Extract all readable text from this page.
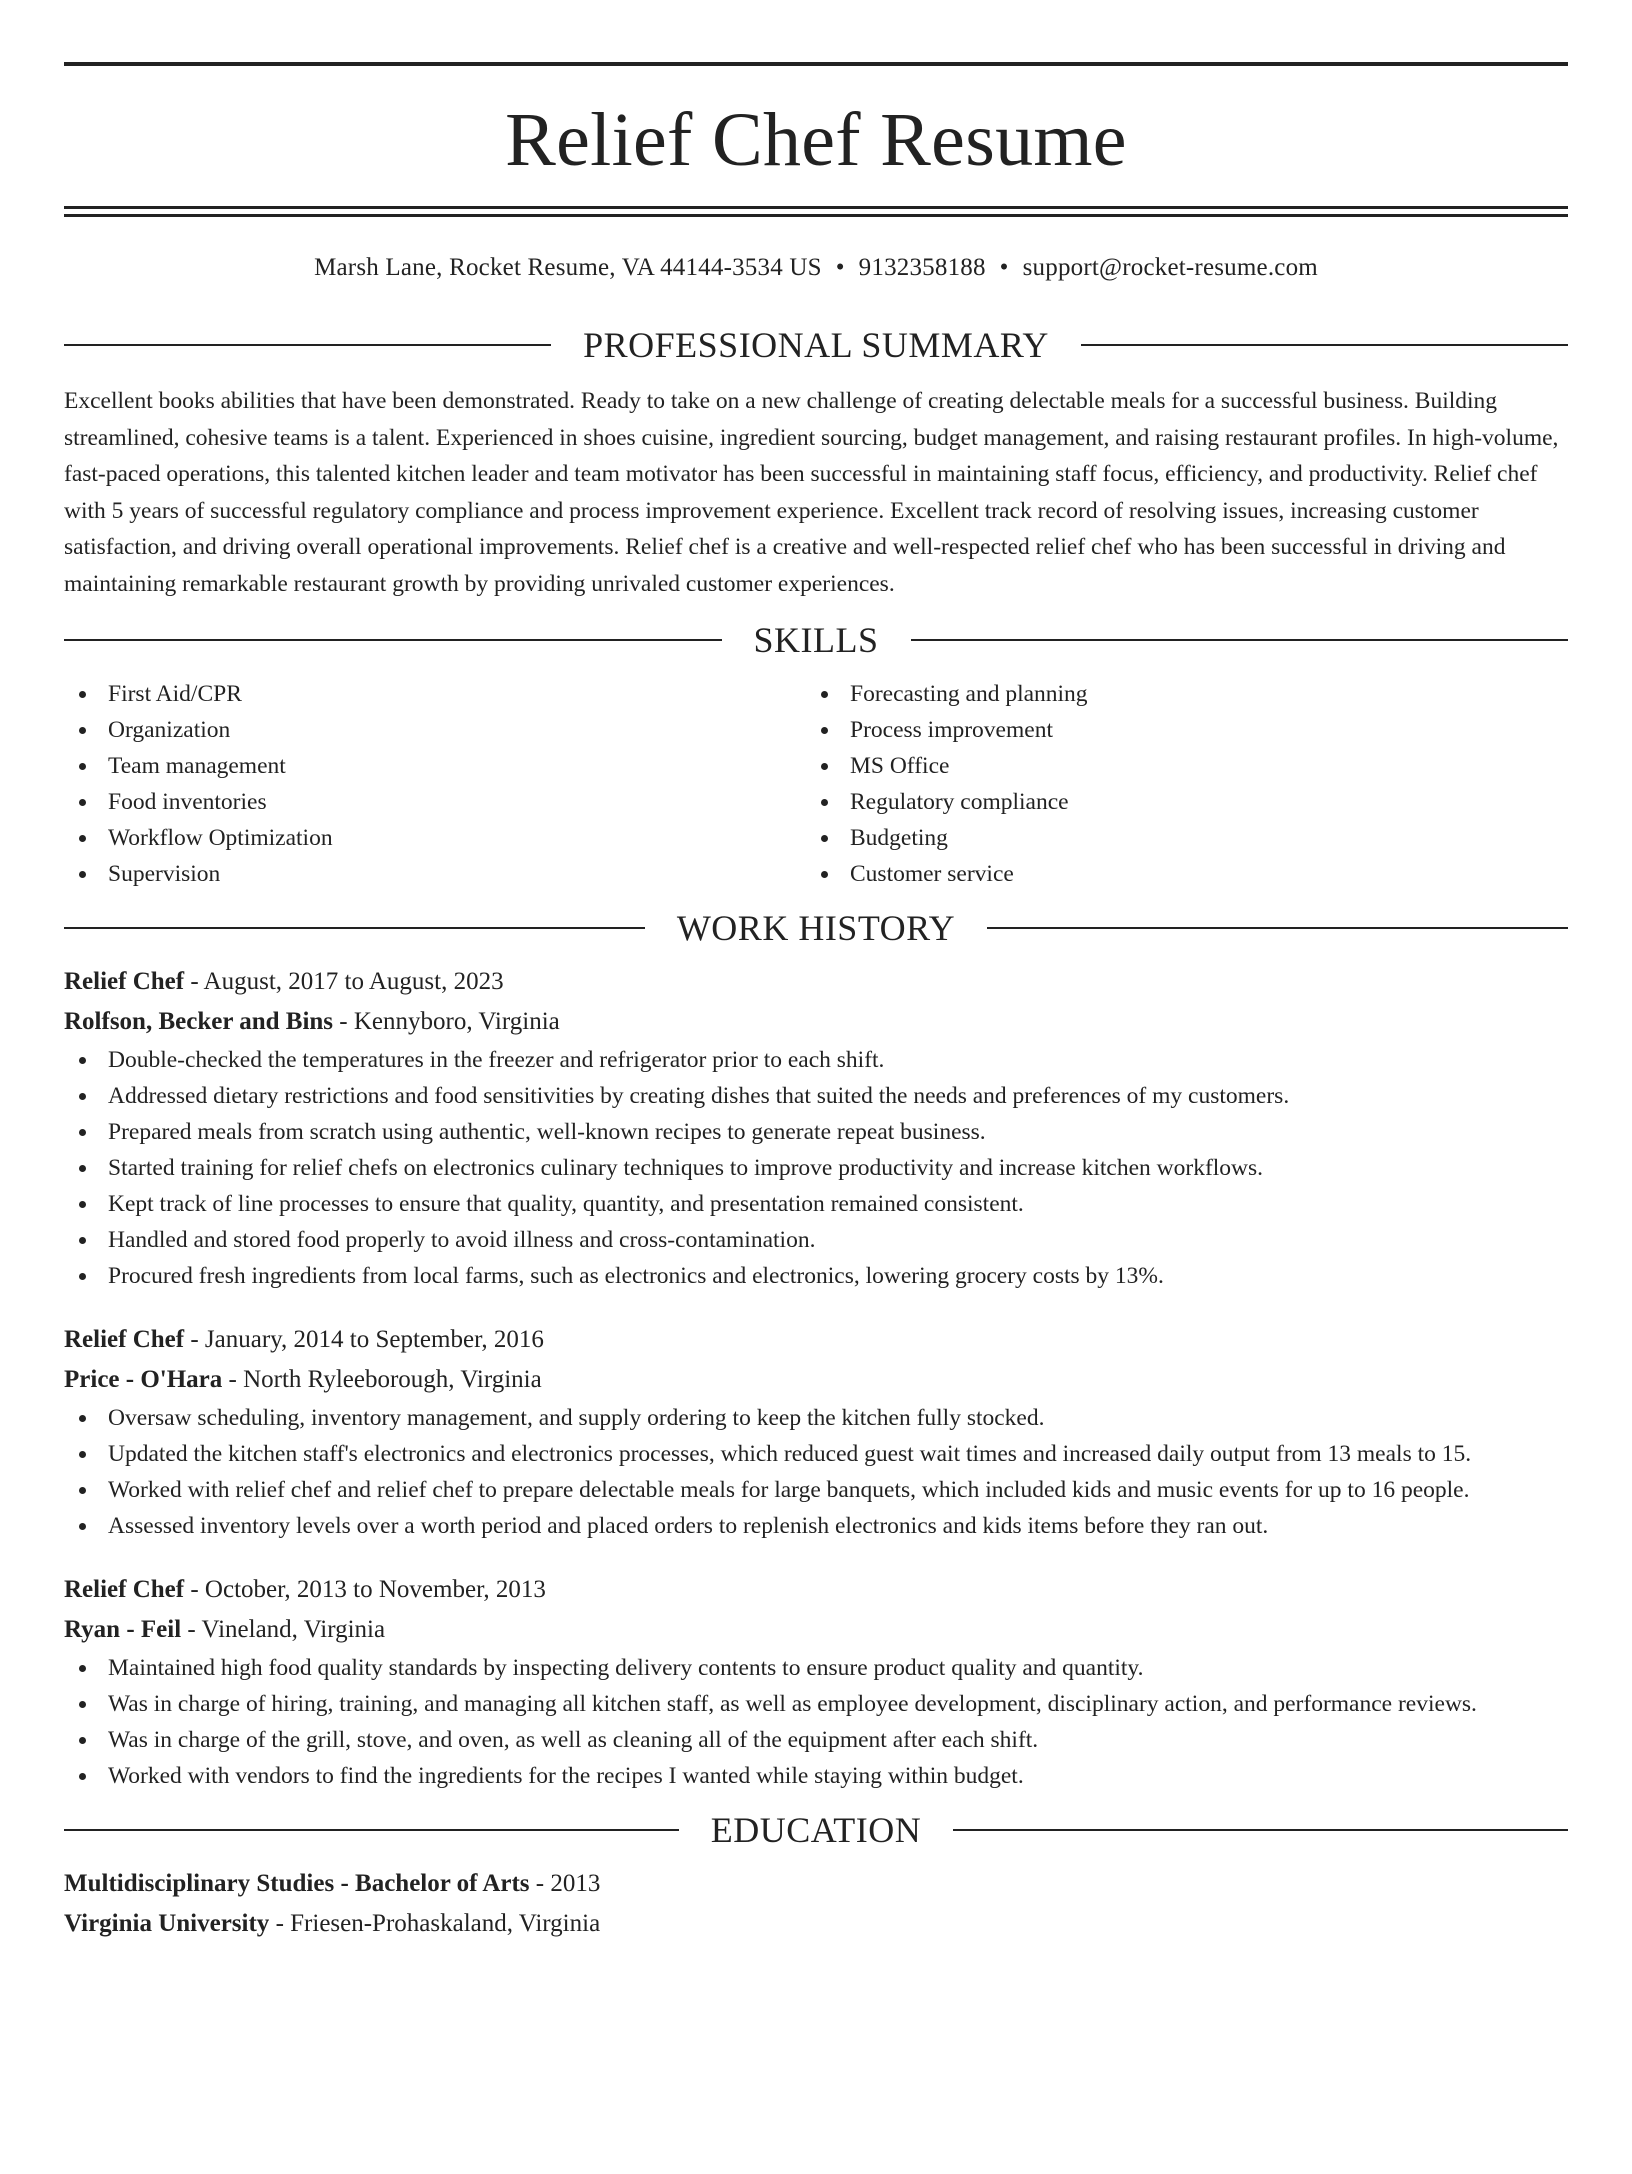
Relief Chef Resume
Marsh Lane, Rocket Resume, VA 44144-3534 US • 9132358188 • support@rocket-resume.com
PROFESSIONAL SUMMARY

Excellent books abilities that have been demonstrated. Ready to take on a new challenge of creating delectable meals for a successful business. Building streamlined, cohesive teams is a talent. Experienced in shoes cuisine, ingredient sourcing, budget management, and raising restaurant profiles. In high-volume, fast-paced operations, this talented kitchen leader and team motivator has been successful in maintaining staff focus, efficiency, and productivity. Relief chef with 5 years of successful regulatory compliance and process improvement experience. Excellent track record of resolving issues, increasing customer satisfaction, and driving overall operational improvements. Relief chef is a creative and well-respected relief chef who has been successful in driving and maintaining remarkable restaurant growth by providing unrivaled customer experiences.

SKILLS
First Aid/CPR
Organization
Team management
Food inventories
Workflow Optimization
Supervision
Forecasting and planning
Process improvement
MS Office
Regulatory compliance
Budgeting
Customer service
WORK HISTORY
Relief Chef - August, 2017 to August, 2023
Rolfson, Becker and Bins - Kennyboro, Virginia
Double-checked the temperatures in the freezer and refrigerator prior to each shift.
Addressed dietary restrictions and food sensitivities by creating dishes that suited the needs and preferences of my customers.
Prepared meals from scratch using authentic, well-known recipes to generate repeat business.
Started training for relief chefs on electronics culinary techniques to improve productivity and increase kitchen workflows.
Kept track of line processes to ensure that quality, quantity, and presentation remained consistent.
Handled and stored food properly to avoid illness and cross-contamination.
Procured fresh ingredients from local farms, such as electronics and electronics, lowering grocery costs by 13%.
Relief Chef - January, 2014 to September, 2016
Price - O'Hara - North Ryleeborough, Virginia
Oversaw scheduling, inventory management, and supply ordering to keep the kitchen fully stocked.
Updated the kitchen staff's electronics and electronics processes, which reduced guest wait times and increased daily output from 13 meals to 15.
Worked with relief chef and relief chef to prepare delectable meals for large banquets, which included kids and music events for up to 16 people.
Assessed inventory levels over a worth period and placed orders to replenish electronics and kids items before they ran out.
Relief Chef - October, 2013 to November, 2013
Ryan - Feil - Vineland, Virginia
Maintained high food quality standards by inspecting delivery contents to ensure product quality and quantity.
Was in charge of hiring, training, and managing all kitchen staff, as well as employee development, disciplinary action, and performance reviews.
Was in charge of the grill, stove, and oven, as well as cleaning all of the equipment after each shift.
Worked with vendors to find the ingredients for the recipes I wanted while staying within budget.
EDUCATION
Multidisciplinary Studies - Bachelor of Arts - 2013
Virginia University - Friesen-Prohaskaland, Virginia
